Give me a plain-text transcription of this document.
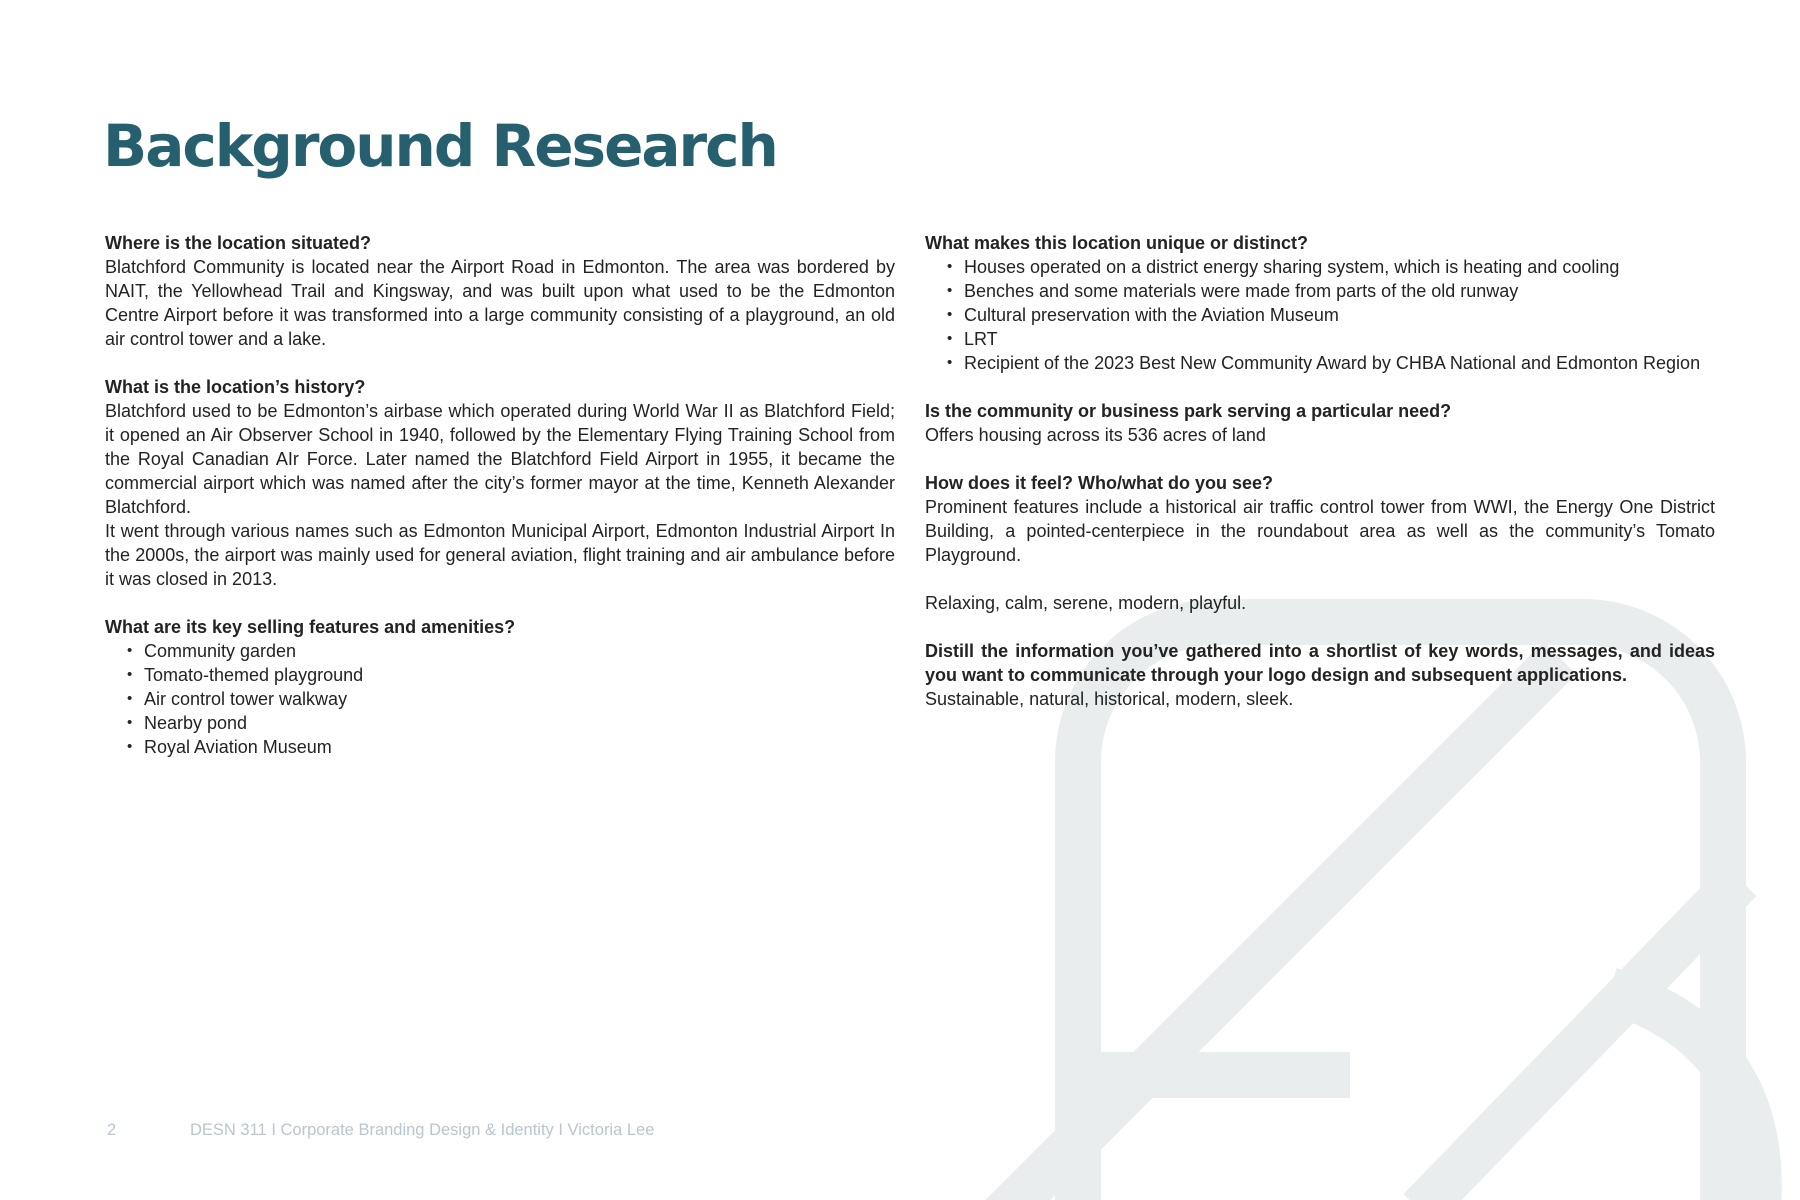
Background Research
Where is the location situated?

Blatchford Community is located near the Airport Road in Edmonton. The area was bordered by NAIT, the Yellowhead Trail and Kingsway, and was built upon what used to be the Edmonton Centre Airport before it was transformed into a large community consisting of a playground, an old air control tower and a lake.

What is the location’s history?

Blatchford used to be Edmonton’s airbase which operated during World War II as Blatchford Field; it opened an Air Observer School in 1940, followed by the Elementary Flying Training School from the Royal Canadian AIr Force. Later named the Blatchford Field Airport in 1955, it became the commercial airport which was named after the city’s former mayor at the time, Kenneth Alexander Blatchford.

It went through various names such as Edmonton Municipal Airport, Edmonton Industrial Airport In the 2000s, the airport was mainly used for general aviation, flight training and air ambulance before it was closed in 2013.

What are its key selling features and amenities?
• Community garden
• Tomato-themed playground
• Air control tower walkway
• Nearby pond
• Royal Aviation Museum
What makes this location unique or distinct?
• Houses operated on a district energy sharing system, which is heating and cooling
• Benches and some materials were made from parts of the old runway
• Cultural preservation with the Aviation Museum
• LRT
• Recipient of the 2023 Best New Community Award by CHBA National and Edmonton Region
Is the community or business park serving a particular need?

Offers housing across its 536 acres of land

How does it feel? Who/what do you see?

Prominent features include a historical air traffic control tower from WWI, the Energy One District Building, a pointed-centerpiece in the roundabout area as well as the community’s Tomato Playground.

Relaxing, calm, serene, modern, playful.

Distill the information you’ve gathered into a shortlist of key words, messages, and ideas you want to communicate through your logo design and subsequent applications.

Sustainable, natural, historical, modern, sleek.

2	DESN 311 I Corporate Branding Design & Identity I Victoria Lee
